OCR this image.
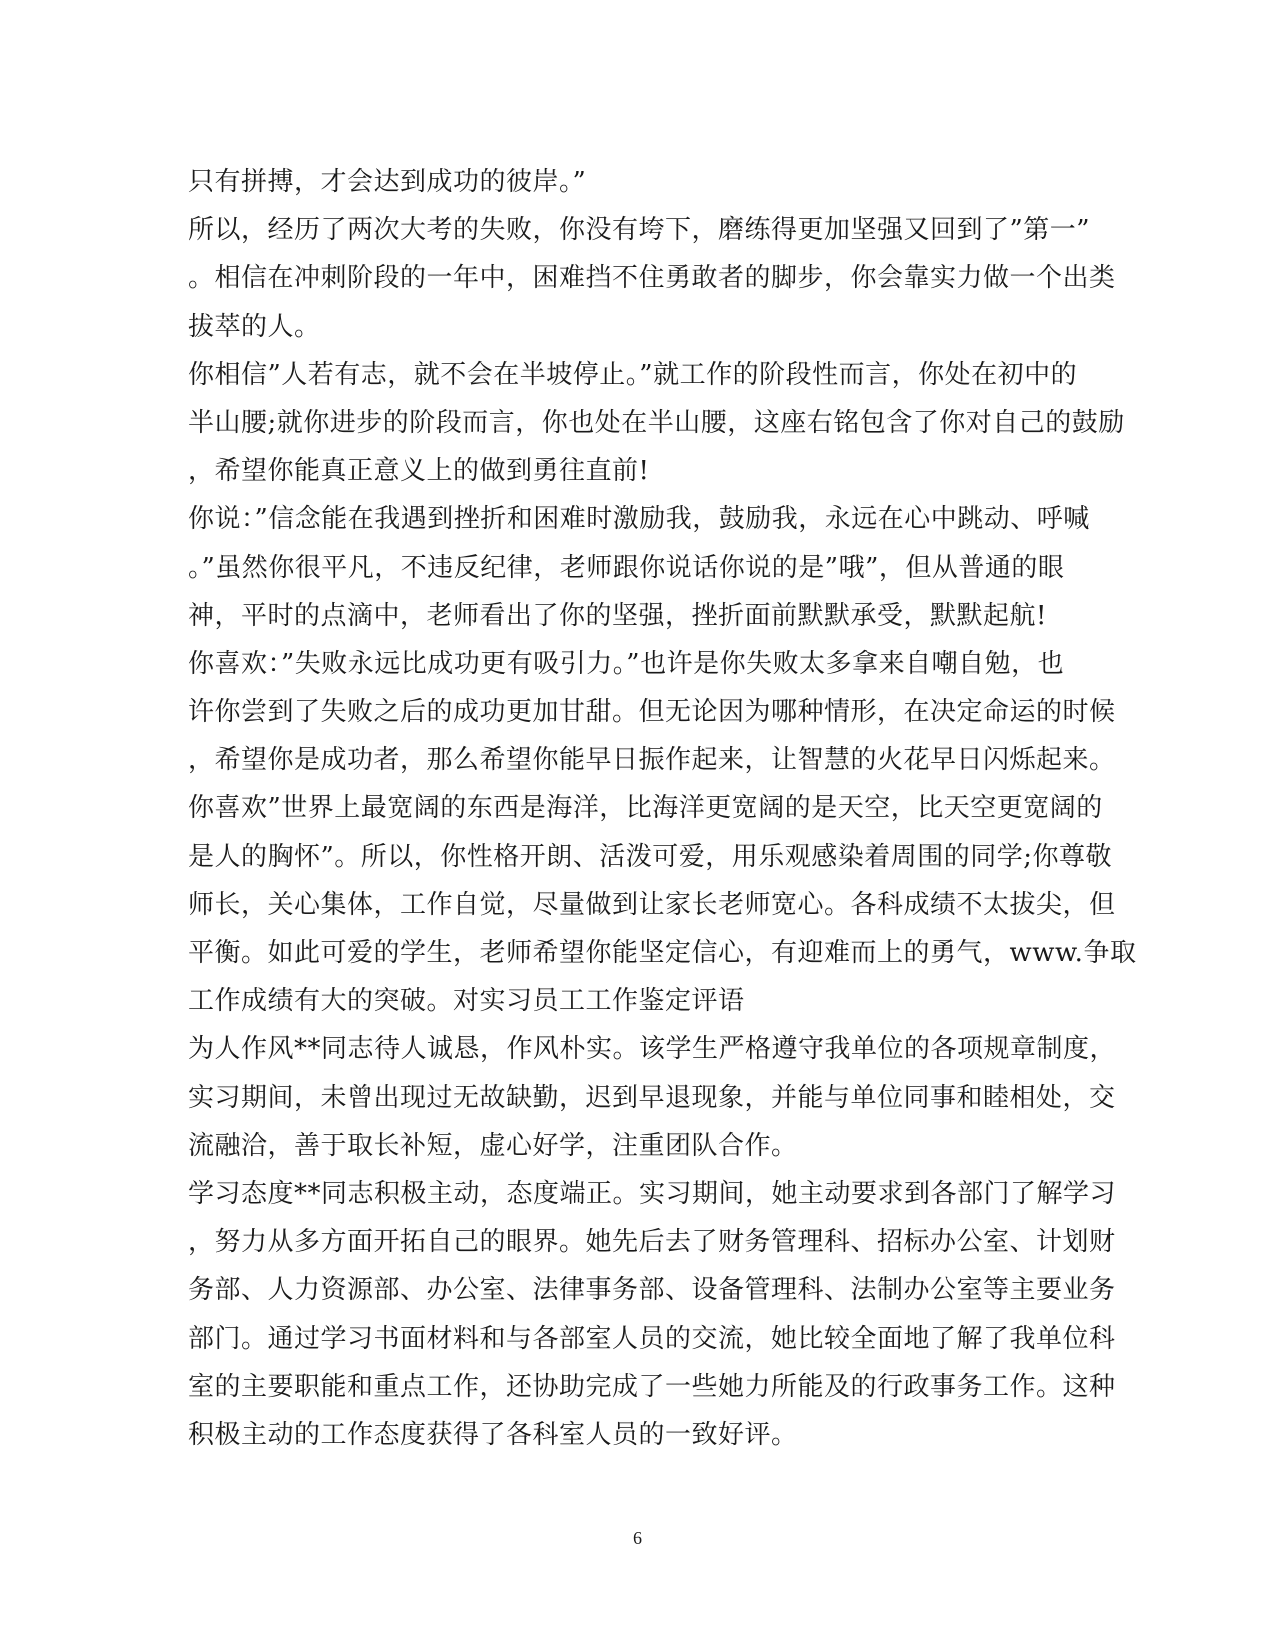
只有拼搏，才会达到成功的彼岸。”
所以，经历了两次大考的失败，你没有垮下，磨练得更加坚强又回到了”第一”
。相信在冲刺阶段的一年中，困难挡不住勇敢者的脚步，你会靠实力做一个出类
拔萃的人。
你相信”人若有志，就不会在半坡停止。”就工作的阶段性而言，你处在初中的
半山腰;就你进步的阶段而言，你也处在半山腰，这座右铭包含了你对自己的鼓励
，希望你能真正意义上的做到勇往直前!
你说：”信念能在我遇到挫折和困难时激励我，鼓励我，永远在心中跳动、呼喊
。”虽然你很平凡，不违反纪律，老师跟你说话你说的是”哦”，但从普通的眼
神，平时的点滴中，老师看出了你的坚强，挫折面前默默承受，默默起航!
你喜欢：”失败永远比成功更有吸引力。”也许是你失败太多拿来自嘲自勉，也
许你尝到了失败之后的成功更加甘甜。但无论因为哪种情形，在决定命运的时候
，希望你是成功者，那么希望你能早日振作起来，让智慧的火花早日闪烁起来。
你喜欢”世界上最宽阔的东西是海洋，比海洋更宽阔的是天空，比天空更宽阔的
是人的胸怀”。所以，你性格开朗、活泼可爱，用乐观感染着周围的同学;你尊敬
师长，关心集体，工作自觉，尽量做到让家长老师宽心。各科成绩不太拔尖，但
平衡。如此可爱的学生，老师希望你能坚定信心，有迎难而上的勇气，www.争取
工作成绩有大的突破。对实习员工工作鉴定评语
为人作风**同志待人诚恳，作风朴实。该学生严格遵守我单位的各项规章制度，
实习期间，未曾出现过无故缺勤，迟到早退现象，并能与单位同事和睦相处，交
流融洽，善于取长补短，虚心好学，注重团队合作。
学习态度**同志积极主动，态度端正。实习期间，她主动要求到各部门了解学习
，努力从多方面开拓自己的眼界。她先后去了财务管理科、招标办公室、计划财
务部、人力资源部、办公室、法律事务部、设备管理科、法制办公室等主要业务
部门。通过学习书面材料和与各部室人员的交流，她比较全面地了解了我单位科
室的主要职能和重点工作，还协助完成了一些她力所能及的行政事务工作。这种
积极主动的工作态度获得了各科室人员的一致好评。
6
